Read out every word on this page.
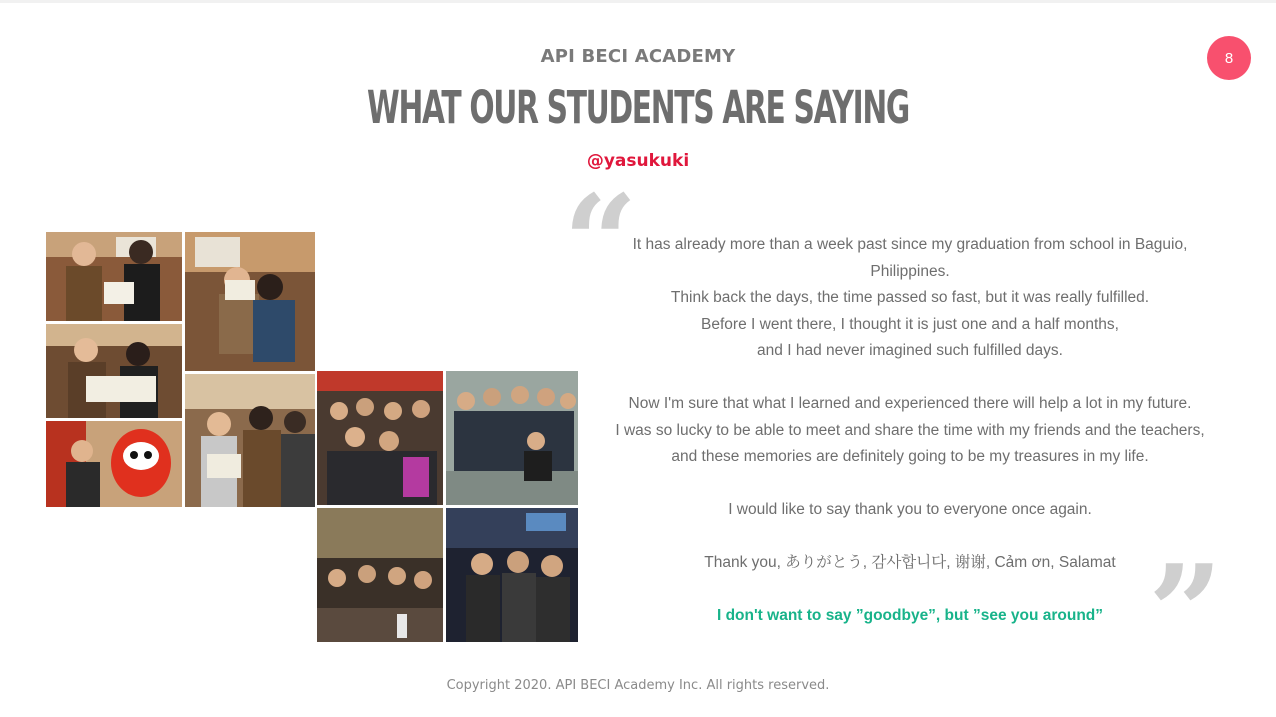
API BECI ACADEMY
WHAT OUR STUDENTS ARE SAYING
@yasukuki
8
“
”
It has already more than a week past since my graduation from school in Baguio,
Philippines.
Think back the days, the time passed so fast, but it was really fulfilled.
Before I went there, I thought it is just one and a half months,
and I had never imagined such fulfilled days.
Now I'm sure that what I learned and experienced there will help a lot in my future.
I was so lucky to be able to meet and share the time with my friends and the teachers,
and these memories are definitely going to be my treasures in my life.
I would like to say thank you to everyone once again.
Thank you, ありがとう, 감사합니다, 谢谢, Cảm ơn, Salamat
I don't want to say ”goodbye”, but ”see you around”
Copyright 2020. API BECI Academy Inc. All rights reserved.
